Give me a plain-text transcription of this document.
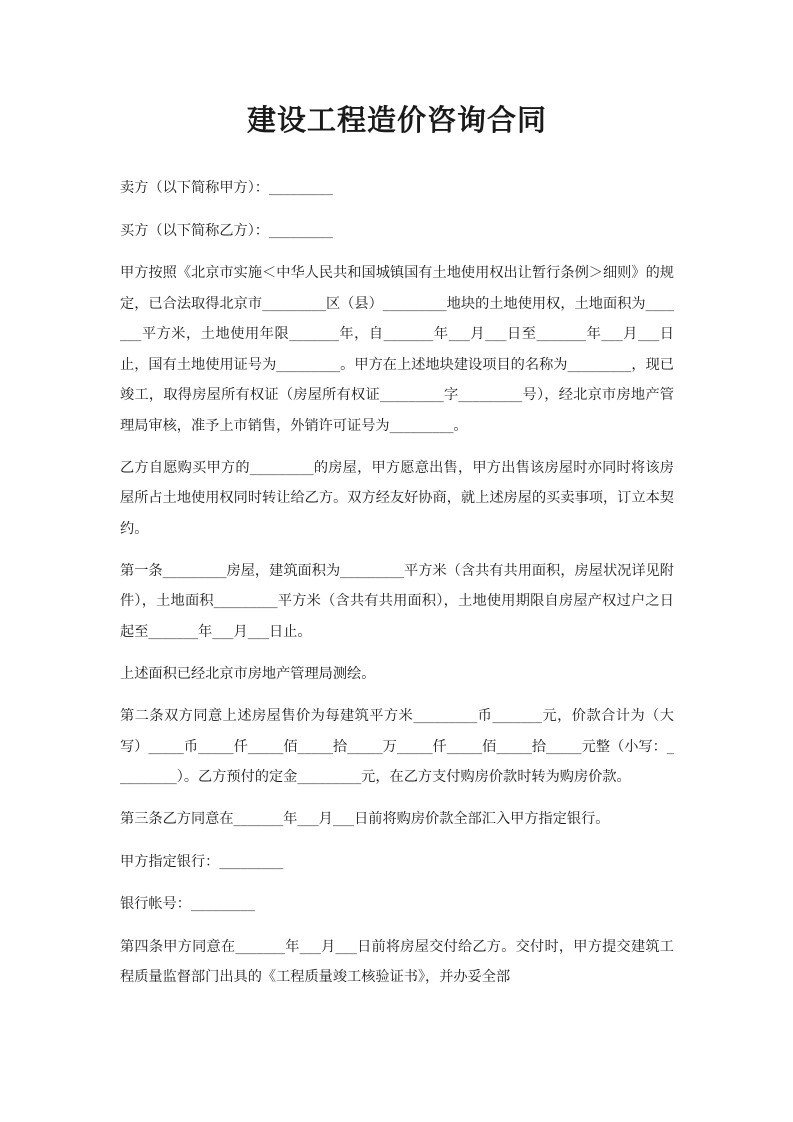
建设工程造价咨询合同

卖方（以下简称甲方）：_________

买方（以下简称乙方）：_________

甲方按照《北京市实施＜中华人民共和国城镇国有土地使用权出让暂行条例＞细则》的规定，已合法取得北京市_________区（县）_________地块的土地使用权，土地面积为_______平方米，土地使用年限_______年，自_______年___月___日至_______年___月___日止，国有土地使用证号为_________。甲方在上述地块建设项目的名称为_________，现已竣工，取得房屋所有权证（房屋所有权证_________字_________号），经北京市房地产管理局审核，准予上市销售，外销许可证号为_________。

乙方自愿购买甲方的_________的房屋，甲方愿意出售，甲方出售该房屋时亦同时将该房屋所占土地使用权同时转让给乙方。双方经友好协商，就上述房屋的买卖事项，订立本契约。

第一条_________房屋，建筑面积为_________平方米（含共有共用面积，房屋状况详见附件），土地面积_________平方米（含共有共用面积），土地使用期限自房屋产权过户之日起至_______年___月___日止。

上述面积已经北京市房地产管理局测绘。

第二条双方同意上述房屋售价为每建筑平方米_________币_______元，价款合计为（大写）_____币_____仟_____佰_____拾_____万_____仟_____佰_____拾_____元整（小写：_________）。乙方预付的定金_________元，在乙方支付购房价款时转为购房价款。

第三条乙方同意在_______年___月___日前将购房价款全部汇入甲方指定银行。

甲方指定银行：_________

银行帐号：_________

第四条甲方同意在_______年___月___日前将房屋交付给乙方。交付时，甲方提交建筑工程质量监督部门出具的《工程质量竣工核验证书》，并办妥全部
